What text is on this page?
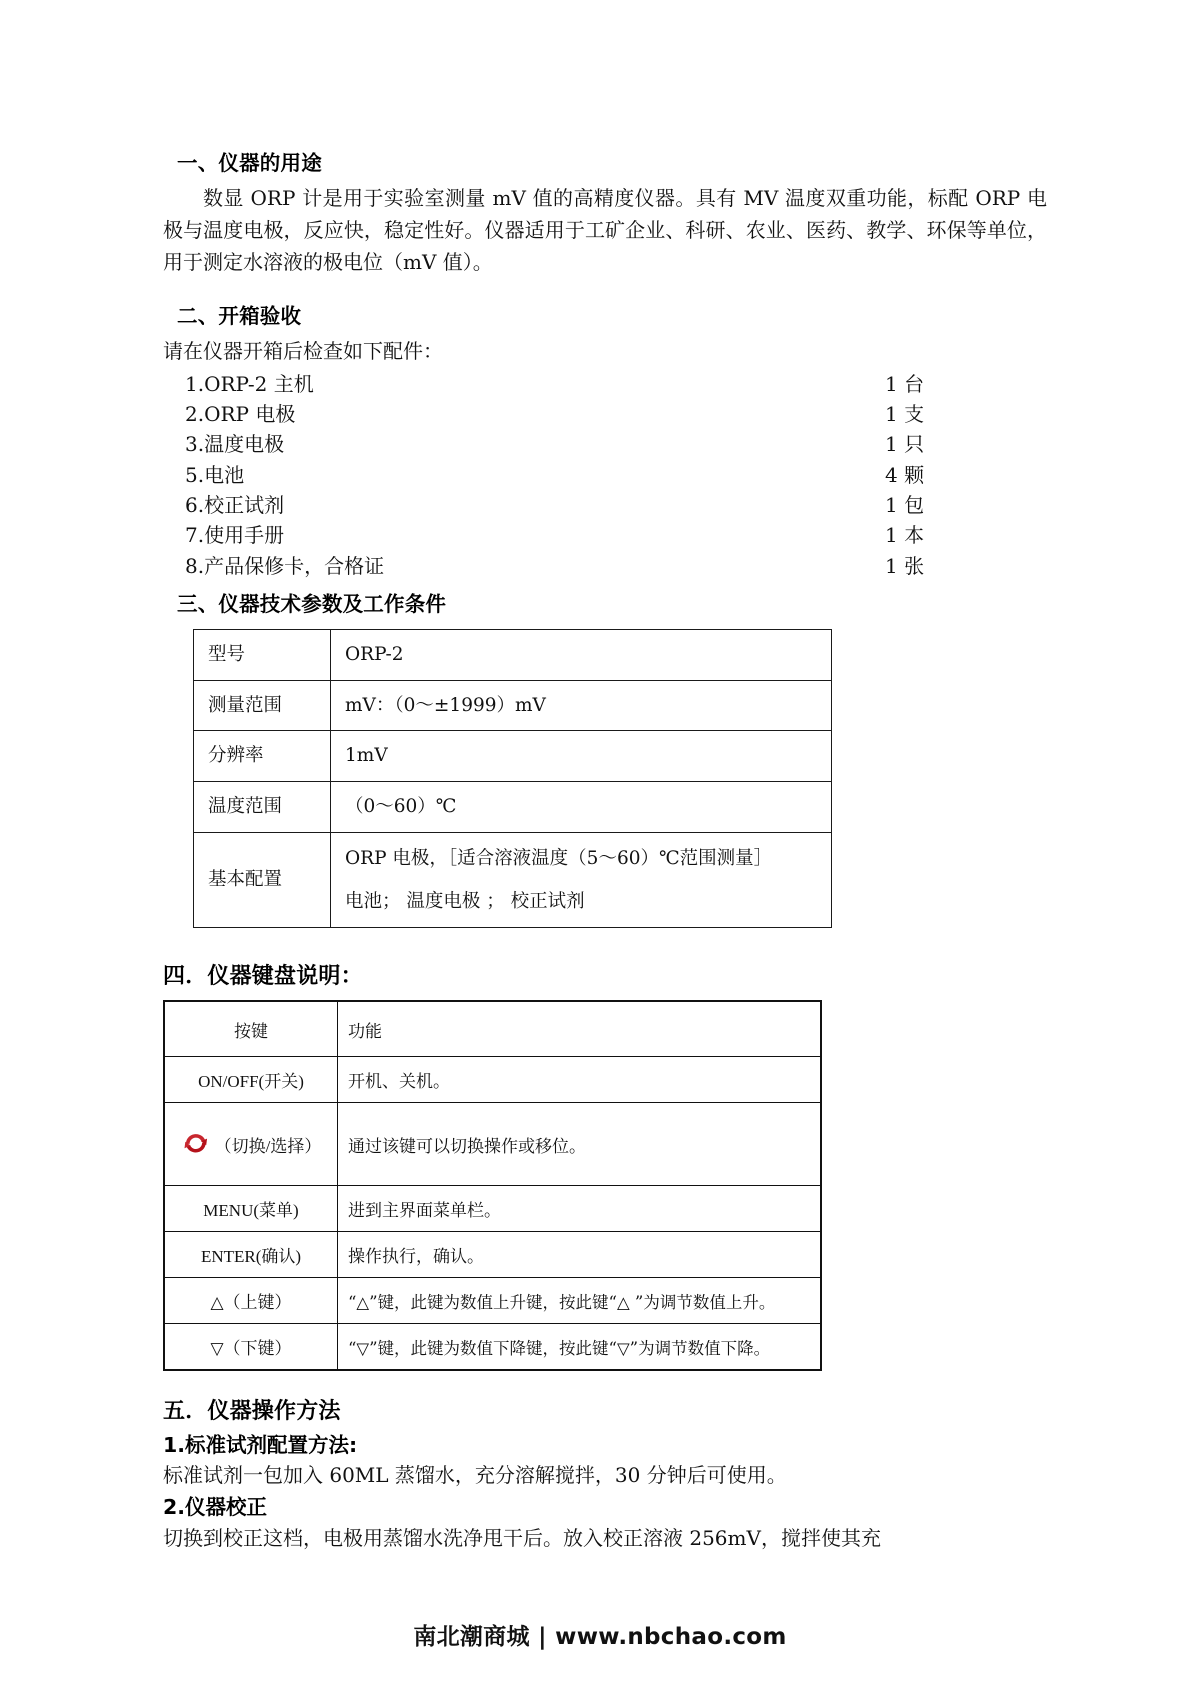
一、仪器的用途

数显 ORP 计是用于实验室测量 mV 值的高精度仪器。具有 MV 温度双重功能，标配 ORP 电极与温度电极，反应快，稳定性好。仪器适用于工矿企业、科研、农业、医药、教学、环保等单位，用于测定水溶液的极电位（mV 值）。

二、开箱验收

请在仪器开箱后检查如下配件：

1.ORP-2 主机	1 台
2.ORP 电极	1 支
3.温度电极	1 只
5.电池	4 颗
6.校正试剂	1 包
7.使用手册	1 本
8.产品保修卡，合格证	1 张
三、仪器技术参数及工作条件
型号	ORP-2
测量范围	mV：（0～±1999）mV
分辨率	1mV
温度范围	（0～60）℃
基本配置	ORP 电极，［适合溶液温度（5～60）℃范围测量］
电池； 温度电极 ； 校正试剂
四．仪器键盘说明：
按键	功能
ON/OFF(开关)	开机、关机。

（切换/选择）	通过该键可以切换操作或移位。
MENU(菜单)	进到主界面菜单栏。
ENTER(确认)	操作执行，确认。
△（上键）	“△”键，此键为数值上升键，按此键“△ ”为调节数值上升。
▽（下键）	“▽”键，此键为数值下降键，按此键“▽”为调节数值下降。
五．仪器操作方法
1.标准试剂配置方法:

标准试剂一包加入 60ML 蒸馏水，充分溶解搅拌，30 分钟后可使用。

2.仪器校正

切换到校正这档，电极用蒸馏水洗净甩干后。放入校正溶液 256mV，搅拌使其充

南北潮商城 | www.nbchao.com
